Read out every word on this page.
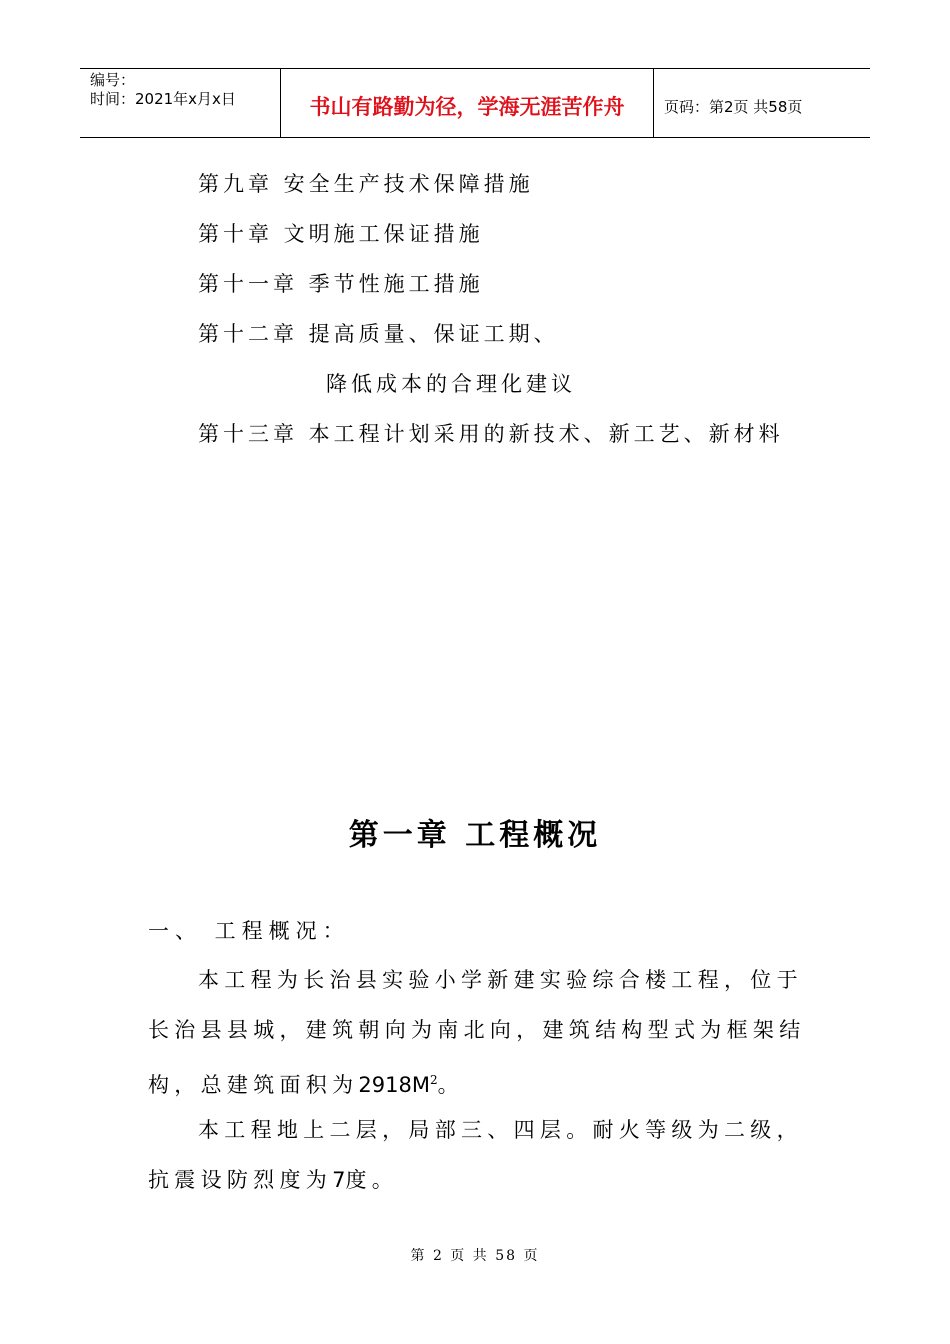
编号：
时间：2021年x月x日	书山有路勤为径，学海无涯苦作舟	页码：第2页 共58页
第九章 安全生产技术保障措施
第十章 文明施工保证措施
第十一章 季节性施工措施
第十二章 提高质量、保证工期、
降低成本的合理化建议
第十三章 本工程计划采用的新技术、新工艺、新材料
第一章 工程概况
一、 工程概况：
本工程为长治县实验小学新建实验综合楼工程，位于长治县县城，建筑朝向为南北向，建筑结构型式为框架结构，总建筑面积为$2918M^2$。
本工程地上二层，局部三、四层。耐火等级为二级，抗震设防烈度为7度。
第 2 页 共 58 页
